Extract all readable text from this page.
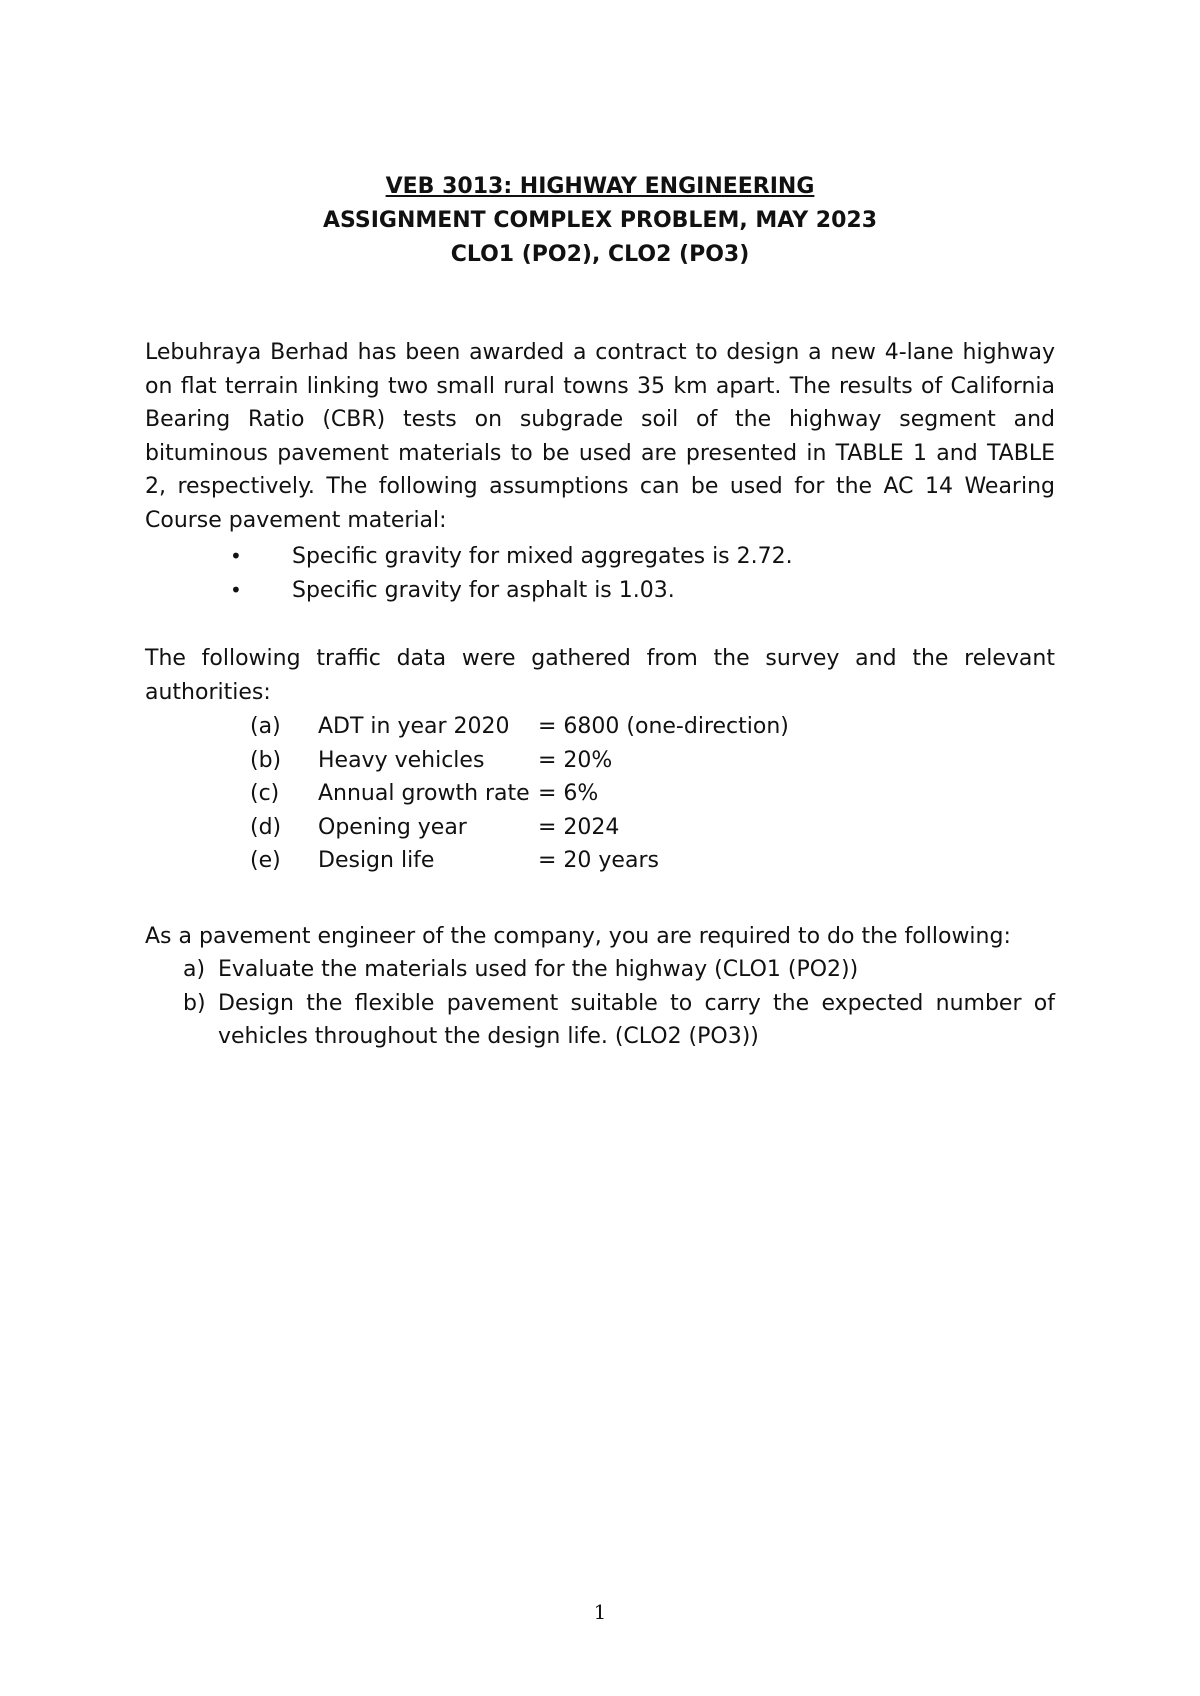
VEB 3013: HIGHWAY ENGINEERING
ASSIGNMENT COMPLEX PROBLEM, MAY 2023
CLO1 (PO2), CLO2 (PO3)
Lebuhraya Berhad has been awarded a contract to design a new 4-lane highway on flat terrain linking two small rural towns 35 km apart. The results of California Bearing Ratio (CBR) tests on subgrade soil of the highway segment and bituminous pavement materials to be used are presented in TABLE 1 and TABLE 2, respectively. The following assumptions can be used for the AC 14 Wearing Course pavement material:
•	Specific gravity for mixed aggregates is 2.72.
•	Specific gravity for asphalt is 1.03.
The following traffic data were gathered from the survey and the relevant authorities:
(a)	ADT in year 2020	= 6800 (one-direction)
(b)	Heavy vehicles	= 20%
(c)	Annual growth rate = 6%
(d)	Opening year	= 2024
(e)	Design life	= 20 years
As a pavement engineer of the company, you are required to do the following:
a) Evaluate the materials used for the highway (CLO1 (PO2))
b) Design the flexible pavement suitable to carry the expected number of vehicles throughout the design life. (CLO2 (PO3))
1
